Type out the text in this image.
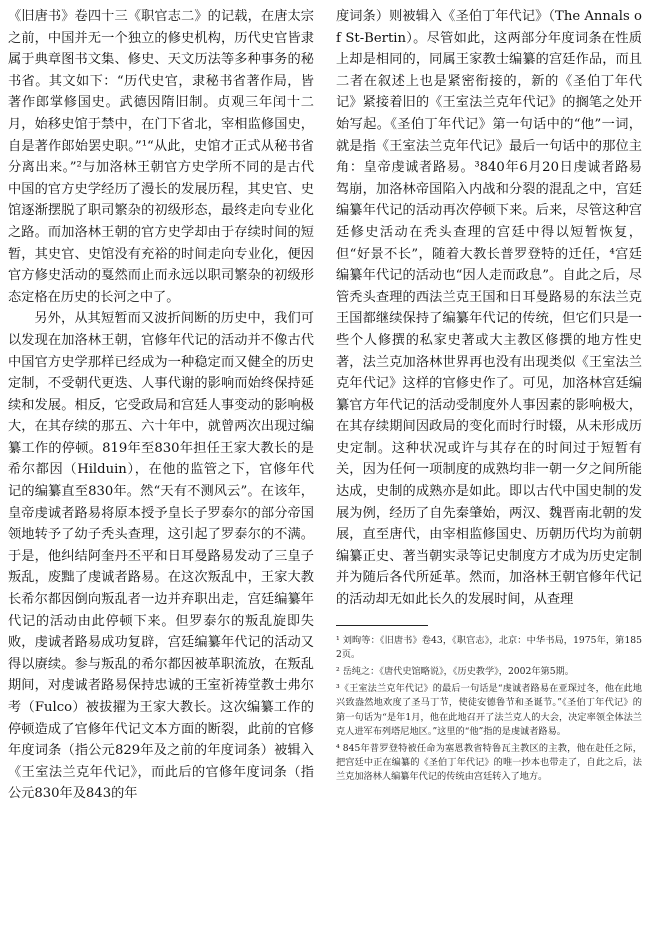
《旧唐书》卷四十三《职官志二》的记载，在唐太宗之前，中国并无一个独立的修史机构，历代史官皆隶属于典章图书文集、修史、天文历法等多种事务的秘书省。其文如下：“历代史官，隶秘书省著作局，皆著作郎掌修国史。武德因隋旧制。贞观三年闰十二月，始移史馆于禁中，在门下省北，宰相监修国史，自是著作郎始罢史职。”¹“从此，史馆才正式从秘书省分离出来。”²与加洛林王朝官方史学所不同的是古代中国的官方史学经历了漫长的发展历程，其史官、史馆逐渐摆脱了职司繁杂的初级形态，最终走向专业化之路。而加洛林王朝的官方史学却由于存续时间的短暂，其史官、史馆没有充裕的时间走向专业化，便因官方修史活动的戛然而止而永远以职司繁杂的初级形态定格在历史的长河之中了。

另外，从其短暂而又波折间断的历史中，我们可以发现在加洛林王朝，官修年代记的活动并不像古代中国官方史学那样已经成为一种稳定而又健全的历史定制，不受朝代更迭、人事代谢的影响而始终保持延续和发展。相反，它受政局和宫廷人事变动的影响极大，在其存续的那五、六十年中，就曾两次出现过编纂工作的停顿。819年至830年担任王家大教长的是希尔都因（Hilduin），在他的监管之下，官修年代记的编纂直至830年。然“天有不测风云”。在该年，皇帝虔诚者路易将原本授予皇长子罗泰尔的部分帝国领地转予了幼子秃头查理，这引起了罗泰尔的不满。于是，他纠结阿奎丹丕平和日耳曼路易发动了三皇子叛乱，废黜了虔诚者路易。在这次叛乱中，王家大教长希尔都因倒向叛乱者一边并弃职出走，宫廷编纂年代记的活动由此停顿下来。但罗泰尔的叛乱旋即失败，虔诚者路易成功复辟，宫廷编纂年代记的活动又得以赓续。参与叛乱的希尔都因被革职流放，在叛乱期间，对虔诚者路易保持忠诚的王室祈祷堂教士弗尔考（Fulco）被拔擢为王家大教长。这次编纂工作的停顿造成了官修年代记文本方面的断裂，此前的官修年度词条（指公元829年及之前的年度词条）被辑入《王室法兰克年代记》，而此后的官修年度词条（指公元830年及843的年

度词条）则被辑入《圣伯丁年代记》（The Annals of St-Bertin）。尽管如此，这两部分年度词条在性质上却是相同的，同属王家教士编纂的宫廷作品，而且二者在叙述上也是紧密衔接的，新的《圣伯丁年代记》紧接着旧的《王室法兰克年代记》的搁笔之处开始写起。《圣伯丁年代记》第一句话中的“他”一词，就是指《王室法兰克年代记》最后一句话中的那位主角：皇帝虔诚者路易。³840年6月20日虔诚者路易驾崩，加洛林帝国陷入内战和分裂的混乱之中，宫廷编纂年代记的活动再次停顿下来。后来，尽管这种宫廷修史活动在秃头查理的宫廷中得以短暂恢复，但“好景不长”，随着大教长普罗登特的迁任，⁴宫廷编纂年代记的活动也“因人走而政息”。自此之后，尽管秃头查理的西法兰克王国和日耳曼路易的东法兰克王国都继续保持了编纂年代记的传统，但它们只是一些个人修撰的私家史著或大主教区修撰的地方性史著，法兰克加洛林世界再也没有出现类似《王室法兰克年代记》这样的官修史作了。可见，加洛林宫廷编纂官方年代记的活动受制度外人事因素的影响极大，在其存续期间因政局的变化而时行时辍，从未形成历史定制。这种状况或许与其存在的时间过于短暂有关，因为任何一项制度的成熟均非一朝一夕之间所能达成，史制的成熟亦是如此。即以古代中国史制的发展为例，经历了自先秦肇始，两汉、魏晋南北朝的发展，直至唐代，由宰相监修国史、历朝历代均为前朝编纂正史、著当朝实录等记史制度方才成为历史定制并为随后各代所延革。然而，加洛林王朝官修年代记的活动却无如此长久的发展时间，从查理

¹ 刘昫等：《旧唐书》卷43，《职官志》，北京：中华书局，1975年，第1852页。

² 岳纯之：《唐代史馆略说》，《历史教学》，2002年第5期。

³《王室法兰克年代记》的最后一句话是“虔诚者路易在亚琛过冬，他在此地兴致盎然地欢度了圣马丁节，使徒安德鲁节和圣诞节。”《圣伯丁年代记》的第一句话为“是年1月，他在此地召开了法兰克人的大会，决定率领全体法兰克人进军布列塔尼地区。”这里的“他”指的是虔诚者路易。

⁴ 845年普罗登特被任命为塞恩教省特鲁瓦主教区的主教，他在赴任之际，把宫廷中正在编纂的《圣伯丁年代记》的唯一抄本也带走了，自此之后，法兰克加洛林人编纂年代记的传统由宫廷转入了地方。
